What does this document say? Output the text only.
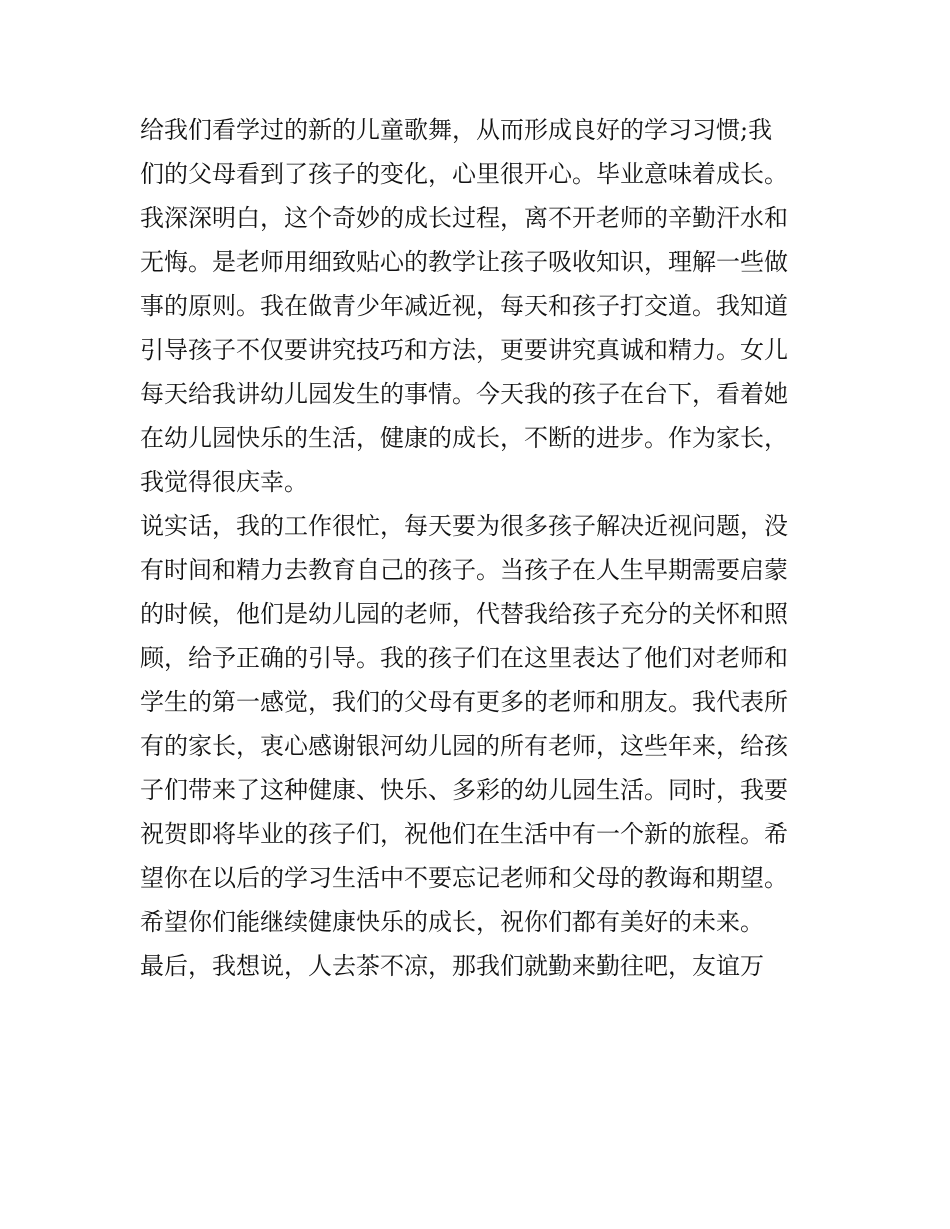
给我们看学过的新的儿童歌舞，从而形成良好的学习习惯;我
们的父母看到了孩子的变化，心里很开心。毕业意味着成长。
我深深明白，这个奇妙的成长过程，离不开老师的辛勤汗水和
无悔。是老师用细致贴心的教学让孩子吸收知识，理解一些做
事的原则。我在做青少年减近视，每天和孩子打交道。我知道
引导孩子不仅要讲究技巧和方法，更要讲究真诚和精力。女儿
每天给我讲幼儿园发生的事情。今天我的孩子在台下，看着她
在幼儿园快乐的生活，健康的成长，不断的进步。作为家长，
我觉得很庆幸。
说实话，我的工作很忙，每天要为很多孩子解决近视问题，没
有时间和精力去教育自己的孩子。当孩子在人生早期需要启蒙
的时候，他们是幼儿园的老师，代替我给孩子充分的关怀和照
顾，给予正确的引导。我的孩子们在这里表达了他们对老师和
学生的第一感觉，我们的父母有更多的老师和朋友。我代表所
有的家长，衷心感谢银河幼儿园的所有老师，这些年来，给孩
子们带来了这种健康、快乐、多彩的幼儿园生活。同时，我要
祝贺即将毕业的孩子们，祝他们在生活中有一个新的旅程。希
望你在以后的学习生活中不要忘记老师和父母的教诲和期望。
希望你们能继续健康快乐的成长，祝你们都有美好的未来。
最后，我想说，人去茶不凉，那我们就勤来勤往吧，友谊万
